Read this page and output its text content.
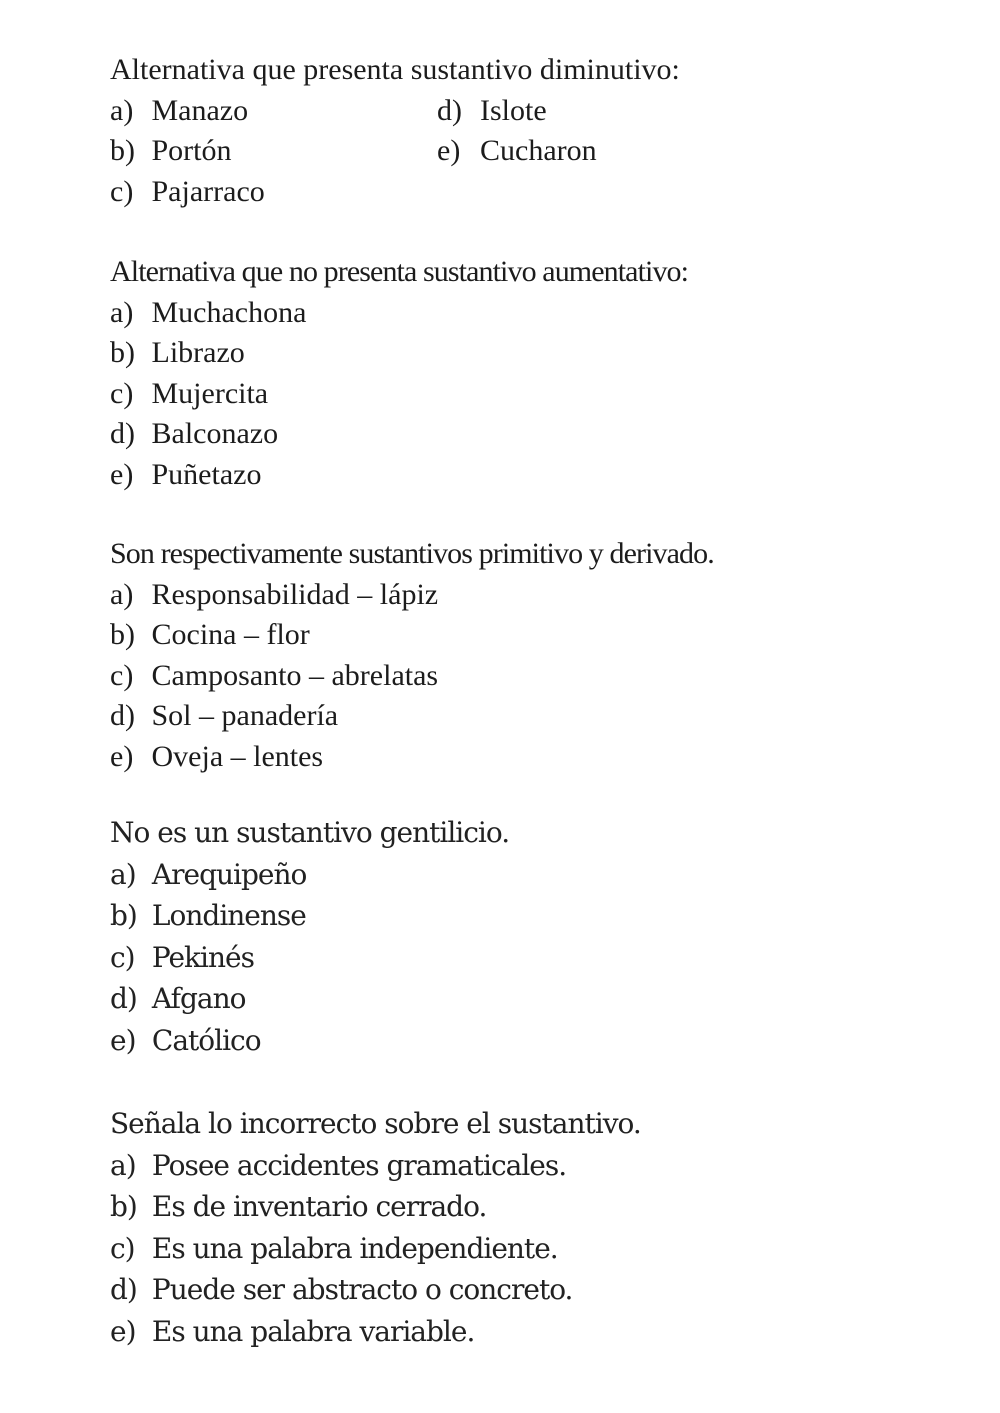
Alternativa que presenta sustantivo diminutivo:

a) Manazo

b) Portón

c) Pajarraco

d) Islote

e) Cucharon

Alternativa que no presenta sustantivo aumentativo:

a) Muchachona

b) Librazo

c) Mujercita

d) Balconazo

e) Puñetazo

Son respectivamente sustantivos primitivo y derivado.

a) Responsabilidad – lápiz

b) Cocina – flor

c) Camposanto – abrelatas

d) Sol – panadería

e) Oveja – lentes

No es un sustantivo gentilicio.

a) Arequipeño

b) Londinense

c) Pekinés

d) Afgano

e) Católico

Señala lo incorrecto sobre el sustantivo.

a) Posee accidentes gramaticales.

b) Es de inventario cerrado.

c) Es una palabra independiente.

d) Puede ser abstracto o concreto.

e) Es una palabra variable.
